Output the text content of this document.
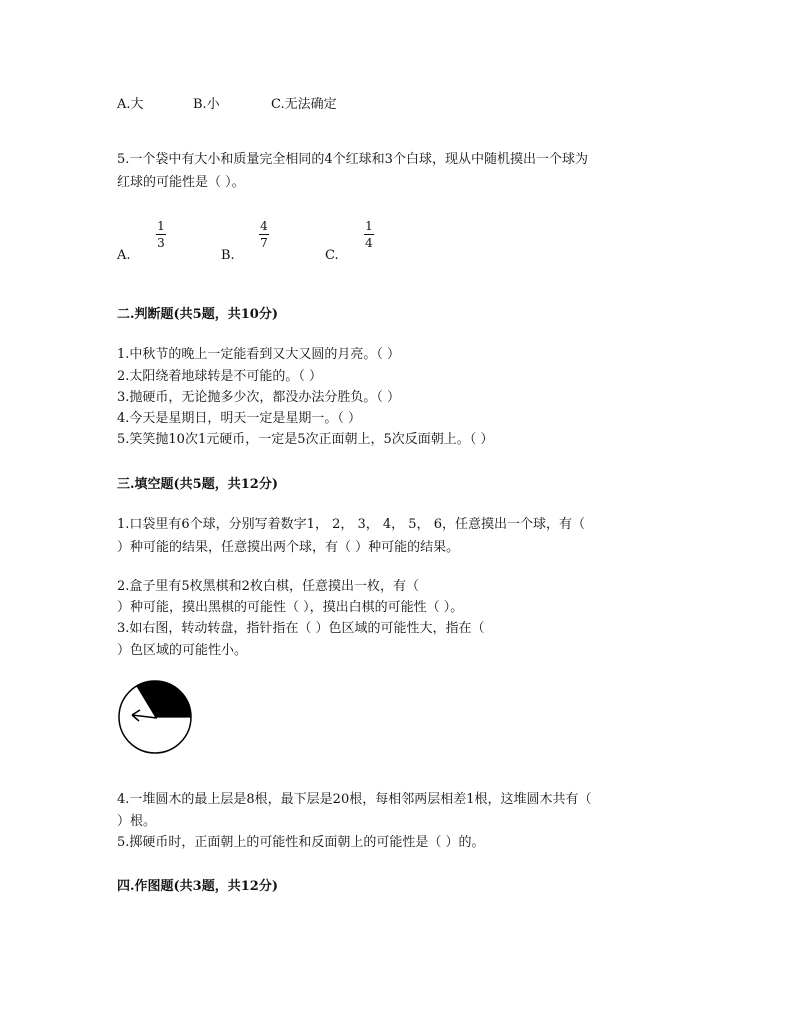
A.大	B.小	C.无法确定
5.一个袋中有大小和质量完全相同的4个红球和3个白球，现从中随机摸出一个球为
红球的可能性是（ ）。
A.
1
3
B.
4
7
C.
1
4
二.判断题(共5题，共10分)
1.中秋节的晚上一定能看到又大又圆的月亮。（ ）
2.太阳绕着地球转是不可能的。（ ）
3.抛硬币，无论抛多少次，都没办法分胜负。（ ）
4.今天是星期日，明天一定是星期一。（ ）
5.笑笑抛10次1元硬币，一定是5次正面朝上，5次反面朝上。（ ）
三.填空题(共5题，共12分)
1.口袋里有6个球，分别写着数字1， 2， 3， 4， 5， 6，任意摸出一个球，有（
）种可能的结果，任意摸出两个球，有（ ）种可能的结果。
2.盒子里有5枚黑棋和2枚白棋，任意摸出一枚，有（
）种可能，摸出黑棋的可能性（ ），摸出白棋的可能性（ ）。
3.如右图，转动转盘，指针指在（ ）色区域的可能性大，指在（
）色区域的可能性小。
4.一堆圆木的最上层是8根，最下层是20根，每相邻两层相差1根，这堆圆木共有（
）根。
5.掷硬币时，正面朝上的可能性和反面朝上的可能性是（ ）的。
四.作图题(共3题，共12分)
